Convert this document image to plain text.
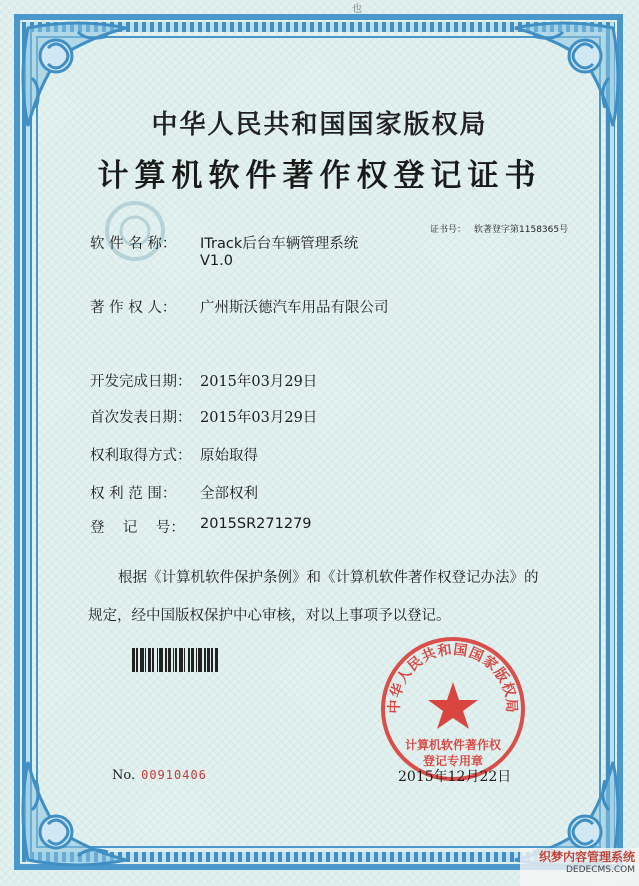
也
中华人民共和国国家版权局
计算机软件著作权登记证书
证书号： 软著登字第1158365号
软 件 名 称： ITrack后台车辆管理系统
V1.0
著 作 权 人： 广州斯沃德汽车用品有限公司
开发完成日期： 2015年03月29日
首次发表日期： 2015年03月29日
权利取得方式： 原始取得
权 利 范 围： 全部权利
登    记    号： 2015SR271279
根据《计算机软件保护条例》和《计算机软件著作权登记办法》的
规定，经中国版权保护中心审核，对以上事项予以登记。
中华人民共和国国家版权局
计算机软件著作权
登记专用章
No. 00910406	2015年12月22日
织梦内容管理系统
DEDECMS.COM
